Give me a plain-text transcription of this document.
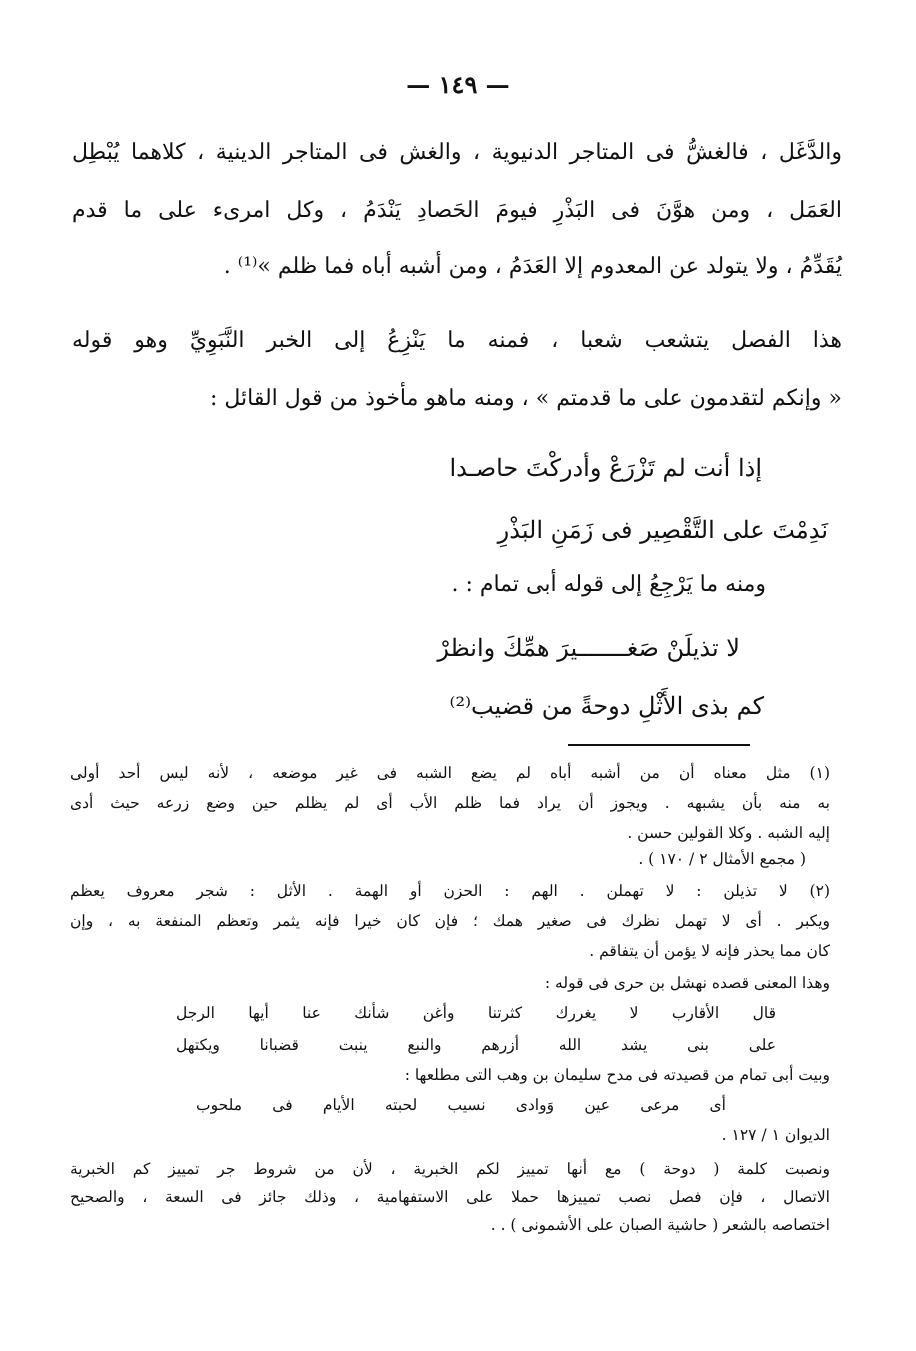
— ١٤٩ —
والدَّغَل ، فالغشُّ فى المتاجر الدنيوية ، والغش فى المتاجر الدينية ، كلاهما يُبْطِل
العَمَل ، ومن هوَّنَ فى البَذْرِ فيومَ الحَصادِ يَنْدَمُ ، وكل امرىء على ما قدم
يُقَدِّمُ ، ولا يتولد عن المعدوم إلا العَدَمُ ، ومن أشبه أباه فما ظلم »⁽¹⁾ .
هذا الفصل يتشعب شعبا ، فمنه ما يَنْزِعُ إلى الخبر النَّبَوِيِّ وهو قوله
« وإنكم لتقدمون على ما قدمتم » ، ومنه ماهو مأخوذ من قول القائل :
إذا أنت لم تَزْرَعْ وأدركْتَ حاصـدا
نَدِمْتَ على التَّقْصِير فى زَمَنِ البَذْرِ
ومنه ما يَرْجِعُ إلى قوله أبى تمام : .
لا تذيلَنْ صَغـــــــيرَ همِّكَ وانظرْ
كم بذى الأَثْلِ دوحةً من قضيب⁽²⁾
(١) مثل معناه أن من أشبه أباه لم يضع الشبه فى غير موضعه ، لأنه ليس أحد أولى
به منه بأن يشبهه . ويجوز أن يراد فما ظلم الأب أى لم يظلم حين وضع زرعه حيث أدى
إليه الشبه . وكلا القولين حسن .
( مجمع الأمثال ٢ / ١٧٠ ) .
(٢) لا تذيلن : لا تهملن . الهم : الحزن أو الهمة . الأثل : شجر معروف يعظم
ويكبر . أى لا تهمل نظرك فى صغير همك ؛ فإن كان خيرا فإنه يثمر وتعظم المنفعة به ، وإن
كان مما يحذر فإنه لا يؤمن أن يتفاقم .
وهذا المعنى قصده نهشل بن حرى فى قوله :
قال الأقارب لا يغررك كثرتنا وأغن شأنك عنا أيها الرجل
على بنى يشد الله أزرهم والنبع ينبت قضبانا ويكتهل
وبيت أبى تمام من قصيدته فى مدح سليمان بن وهب التى مطلعها :
أى مرعى عين وَوادى نسيب لحبته الأيام فى ملحوب
الديوان ١ / ١٢٧ .
ونصبت كلمة ( دوحة ) مع أنها تمييز لكم الخبرية ، لأن من شروط جر تمييز كم الخبرية
الاتصال ، فإن فصل نصب تمييزها حملا على الاستفهامية ، وذلك جائز فى السعة ، والصحيح
اختصاصه بالشعر ( حاشية الصبان على الأشمونى ) . .
